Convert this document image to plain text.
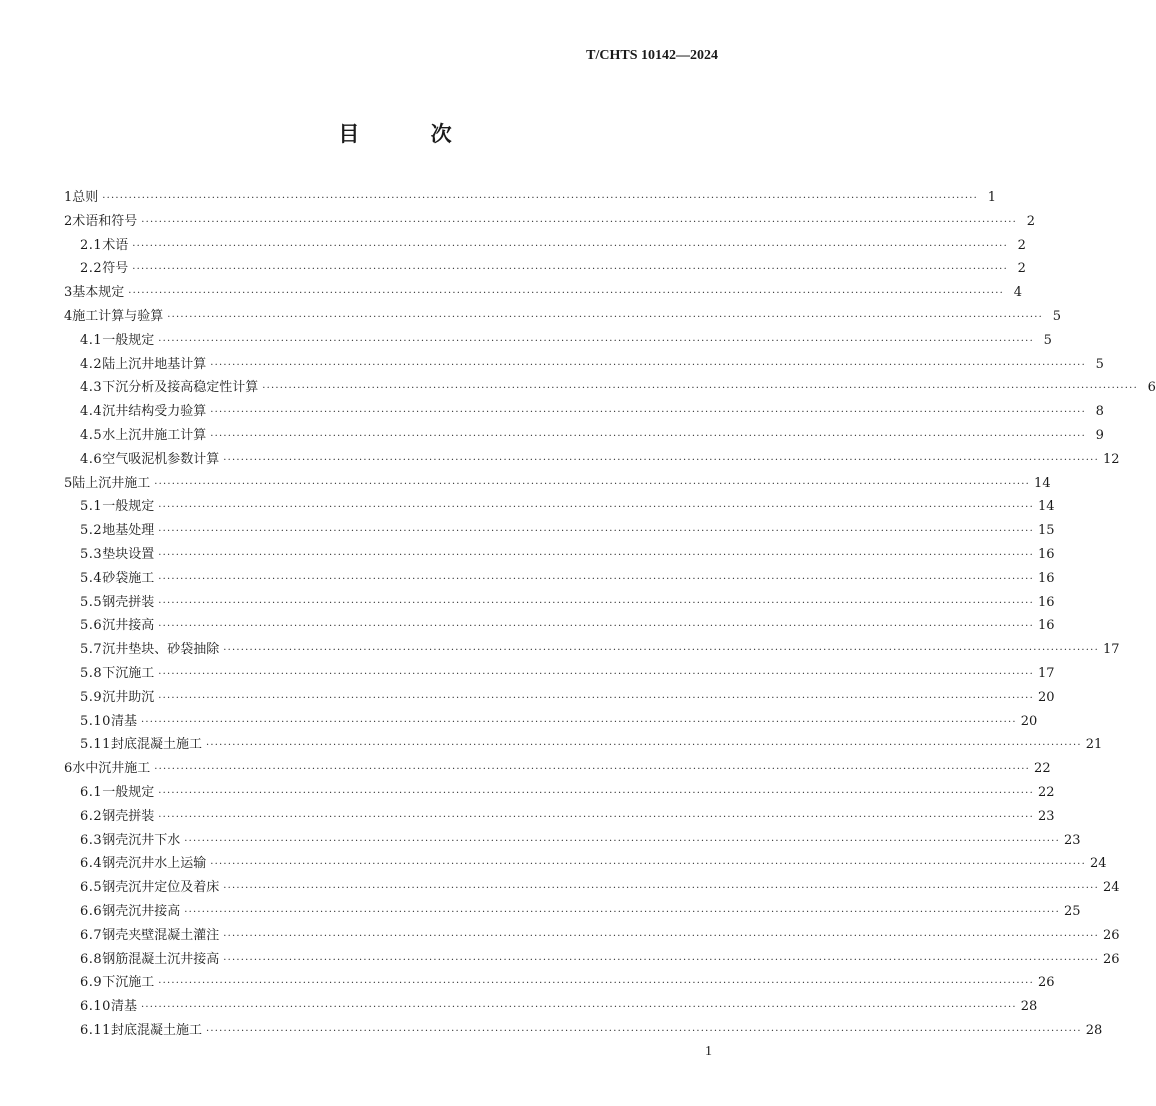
T/CHTS 10142—2024
目 次
1 总则 ········································································································································································································ 1
2 术语和符号 ········································································································································································································ 2
2.1 术语 ········································································································································································································ 2
2.2 符号 ········································································································································································································ 2
3 基本规定 ········································································································································································································ 4
4 施工计算与验算 ········································································································································································································ 5
4.1 一般规定 ········································································································································································································ 5
4.2 陆上沉井地基计算 ········································································································································································································ 5
4.3 下沉分析及接高稳定性计算 ········································································································································································································ 6
4.4 沉井结构受力验算 ········································································································································································································ 8
4.5 水上沉井施工计算 ········································································································································································································ 9
4.6 空气吸泥机参数计算 ········································································································································································································ 12
5 陆上沉井施工 ········································································································································································································ 14
5.1 一般规定 ········································································································································································································ 14
5.2 地基处理 ········································································································································································································ 15
5.3 垫块设置 ········································································································································································································ 16
5.4 砂袋施工 ········································································································································································································ 16
5.5 钢壳拼装 ········································································································································································································ 16
5.6 沉井接高 ········································································································································································································ 16
5.7 沉井垫块、砂袋抽除 ········································································································································································································ 17
5.8 下沉施工 ········································································································································································································ 17
5.9 沉井助沉 ········································································································································································································ 20
5.10 清基 ········································································································································································································ 20
5.11 封底混凝土施工 ········································································································································································································ 21
6 水中沉井施工 ········································································································································································································ 22
6.1 一般规定 ········································································································································································································ 22
6.2 钢壳拼装 ········································································································································································································ 23
6.3 钢壳沉井下水 ········································································································································································································ 23
6.4 钢壳沉井水上运输 ········································································································································································································ 24
6.5 钢壳沉井定位及着床 ········································································································································································································ 24
6.6 钢壳沉井接高 ········································································································································································································ 25
6.7 钢壳夹壁混凝土灌注 ········································································································································································································ 26
6.8 钢筋混凝土沉井接高 ········································································································································································································ 26
6.9 下沉施工 ········································································································································································································ 26
6.10 清基 ········································································································································································································ 28
6.11 封底混凝土施工 ········································································································································································································ 28
1
